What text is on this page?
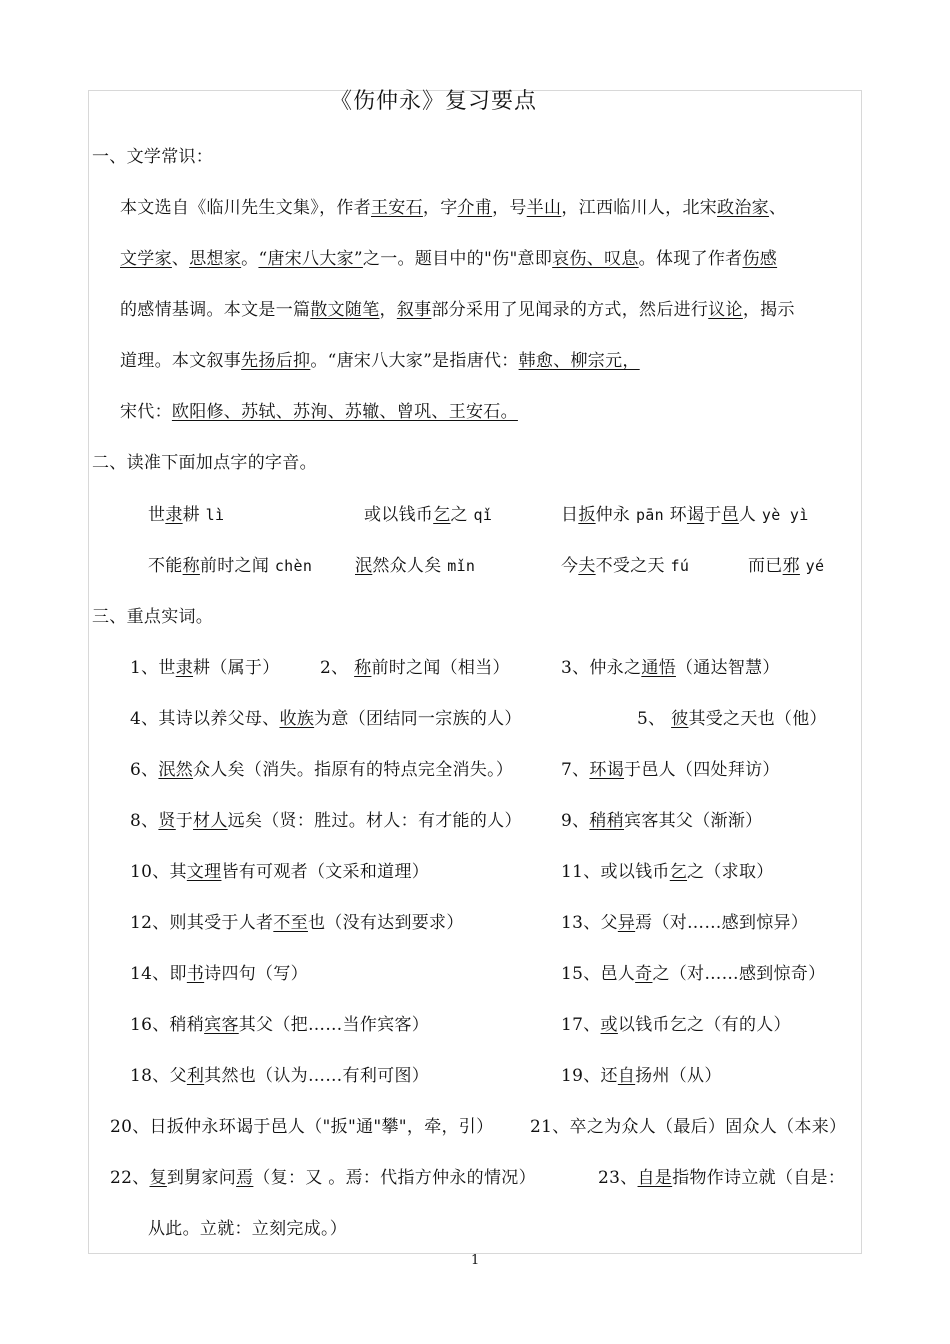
《伤仲永》复习要点
一、文学常识：
本文选自《临川先生文集》，作者王安石，字介甫，号半山，江西临川人，北宋政治家、
文学家、思想家。“唐宋八大家”之一。题目中的"伤"意即哀伤、叹息。体现了作者伤感
的感情基调。本文是一篇散文随笔，叙事部分采用了见闻录的方式，然后进行议论，揭示
道理。本文叙事先扬后抑。“唐宋八大家”是指唐代：韩愈、柳宗元，
宋代：欧阳修、苏轼、苏洵、苏辙、曾巩、王安石。
二、读准下面加点字的字音。
世隶耕 lì	或以钱币乞之 qǐ	日扳仲永 pān 环谒于邑人 yè yì
不能称前时之闻 chèn	泯然众人矣 mǐn	今夫不受之天 fú	而已邪 yé
三、重点实词。
1、世隶耕（属于） 2、 称前时之闻（相当）	3、仲永之通悟（通达智慧）
4、其诗以养父母、收族为意（团结同一宗族的人）	5、 彼其受之天也（他）
6、泯然众人矣（消失。指原有的特点完全消失。）	7、环谒于邑人（四处拜访）
8、贤于材人远矣（贤：胜过。材人：有才能的人） 9、稍稍宾客其父（渐渐）
10、其文理皆有可观者（文采和道理）	11、或以钱币乞之（求取）
12、则其受于人者不至也（没有达到要求）	13、父异焉（对……感到惊异）
14、即书诗四句（写）	15、邑人奇之（对……感到惊奇）
16、稍稍宾客其父（把……当作宾客）	17、或以钱币乞之（有的人）
18、父利其然也（认为……有利可图）	19、还自扬州（从）
20、日扳仲永环谒于邑人（"扳"通"攀"，牵，引） 21、卒之为众人（最后）固众人（本来）
22、复到舅家问焉（复：又 。焉：代指方仲永的情况）	23、自是指物作诗立就（自是：
从此。立就：立刻完成。）
1
